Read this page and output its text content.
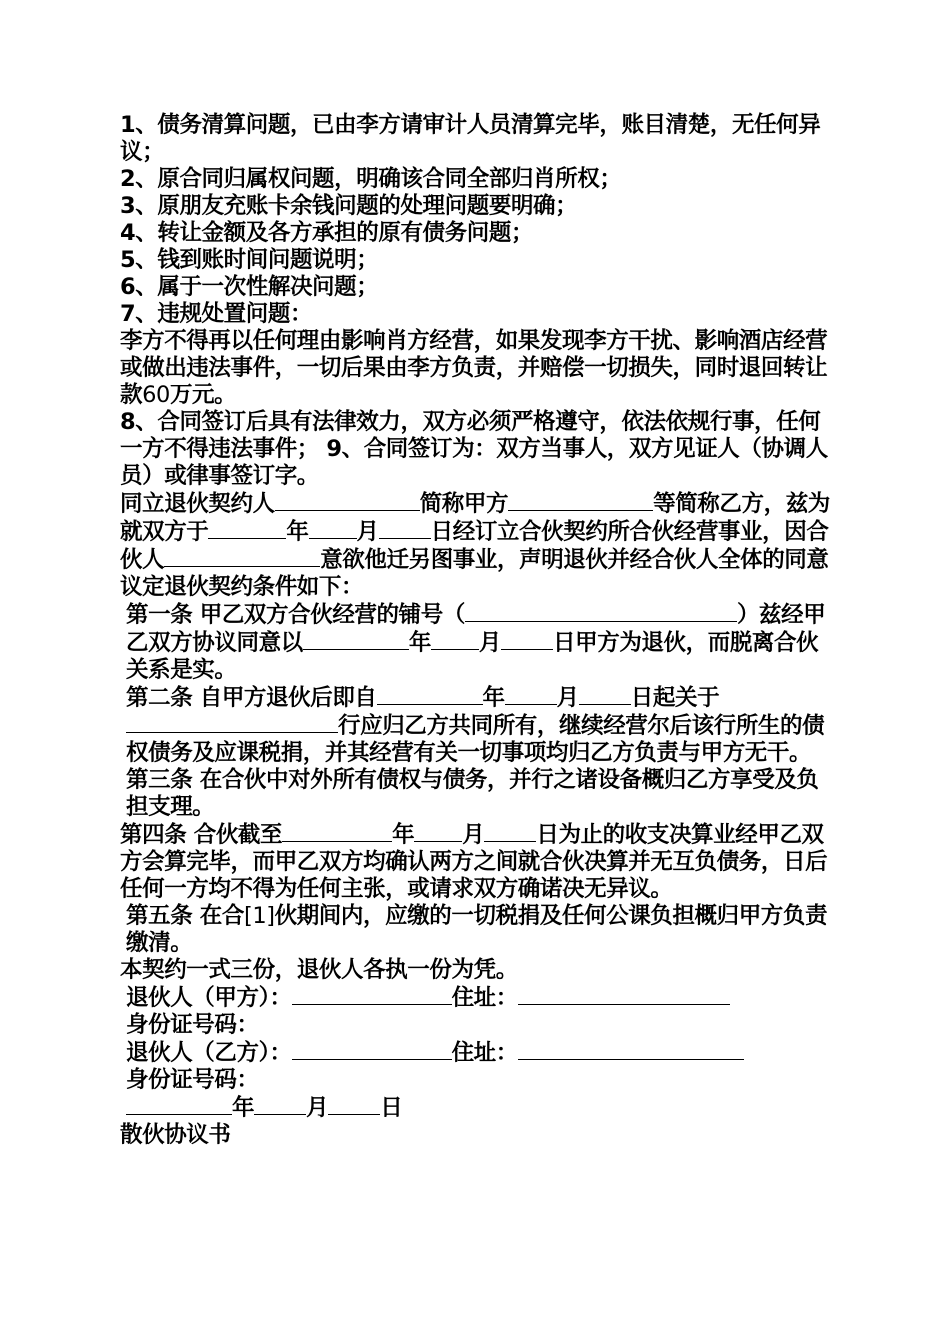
1、债务清算问题，已由李方请审计人员清算完毕，账目清楚，无任何异议；

2、原合同归属权问题，明确该合同全部归肖所权；

3、原朋友充账卡余钱问题的处理问题要明确；

4、转让金额及各方承担的原有债务问题；

5、钱到账时间问题说明；

6、属于一次性解决问题；

7、违规处置问题：

李方不得再以任何理由影响肖方经营，如果发现李方干扰、影响酒店经营或做出违法事件，一切后果由李方负责，并赔偿一切损失，同时退回转让款60万元。

8、合同签订后具有法律效力，双方必须严格遵守，依法依规行事，任何一方不得违法事件； 9、合同签订为：双方当事人，双方见证人（协调人员）或律事签订字。

同立退伙契约人	简称甲方	等简称乙方，兹为就双方于	年 月 日经订立合伙契约所合伙经营事业，因合伙人	意欲他迁另图事业，声明退伙并经合伙人全体的同意议定退伙契约条件如下：

第一条 甲乙双方合伙经营的铺号（	）兹经甲乙双方协议同意以	年 月 日甲方为退伙，而脱离合伙关系是实。

第二条 自甲方退伙后即自	年 月 日起关于行应归乙方共同所有，继续经营尔后该行所生的债权债务及应课税捐，并其经营有关一切事项均归乙方负责与甲方无干。

第三条 在合伙中对外所有债权与债务，并行之诸设备概归乙方享受及负担支理。

第四条 合伙截至	年 月 日为止的收支决算业经甲乙双方会算完毕，而甲乙双方均确认两方之间就合伙决算并无互负债务，日后任何一方均不得为任何主张，或请求双方确诺决无异议。

第五条 在合[1]伙期间内，应缴的一切税捐及任何公课负担概归甲方负责缴清。

本契约一式三份，退伙人各执一份为凭。

退伙人（甲方）：	住址：

身份证号码：

退伙人（乙方）：	住址：

身份证号码：

年 月 日

散伙协议书
